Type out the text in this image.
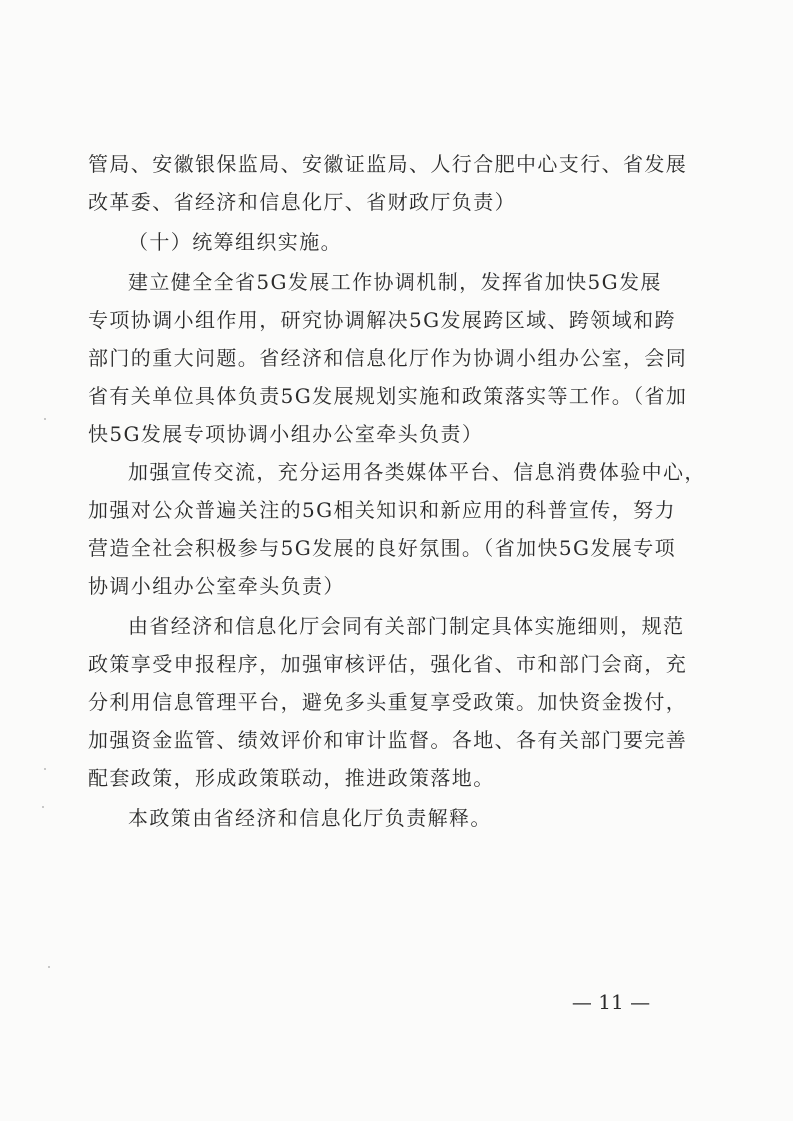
管局、安徽银保监局、安徽证监局、人行合肥中心支行、省发展
改革委、省经济和信息化厅、省财政厅负责）
（十）统筹组织实施。
建立健全全省5G发展工作协调机制，发挥省加快5G发展
专项协调小组作用，研究协调解决5G发展跨区域、跨领域和跨
部门的重大问题。省经济和信息化厅作为协调小组办公室，会同
省有关单位具体负责5G发展规划实施和政策落实等工作。（省加
快5G发展专项协调小组办公室牵头负责）
加强宣传交流，充分运用各类媒体平台、信息消费体验中心，
加强对公众普遍关注的5G相关知识和新应用的科普宣传，努力
营造全社会积极参与5G发展的良好氛围。（省加快5G发展专项
协调小组办公室牵头负责）
由省经济和信息化厅会同有关部门制定具体实施细则，规范
政策享受申报程序，加强审核评估，强化省、市和部门会商，充
分利用信息管理平台，避免多头重复享受政策。加快资金拨付，
加强资金监管、绩效评价和审计监督。各地、各有关部门要完善
配套政策，形成政策联动，推进政策落地。
本政策由省经济和信息化厅负责解释。
— 11 —
